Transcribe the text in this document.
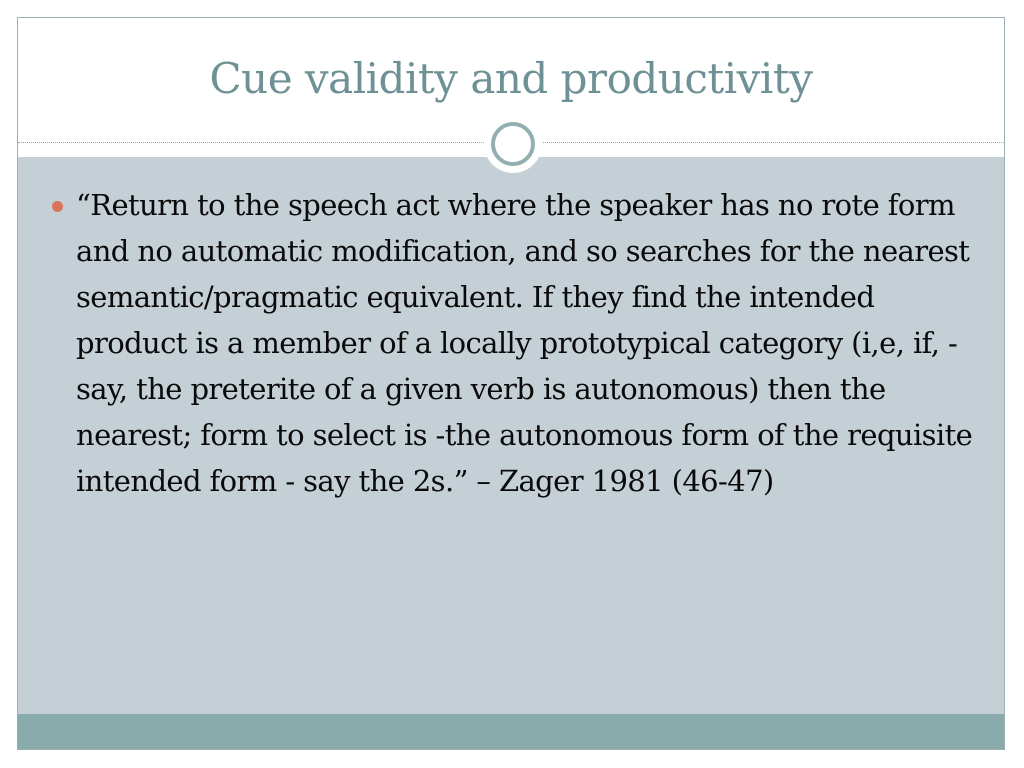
Cue validity and productivity
“Return to the speech act where the speaker has no rote form and no automatic modification, and so searches for the nearest semantic/pragmatic equivalent. If they find the intended product is a member of a locally prototypical category (i,e, if, -say, the preterite of a given verb is autonomous) then the nearest; form to select is -the autonomous form of the requisite intended form - say the 2s.” – Zager 1981 (46-47)
